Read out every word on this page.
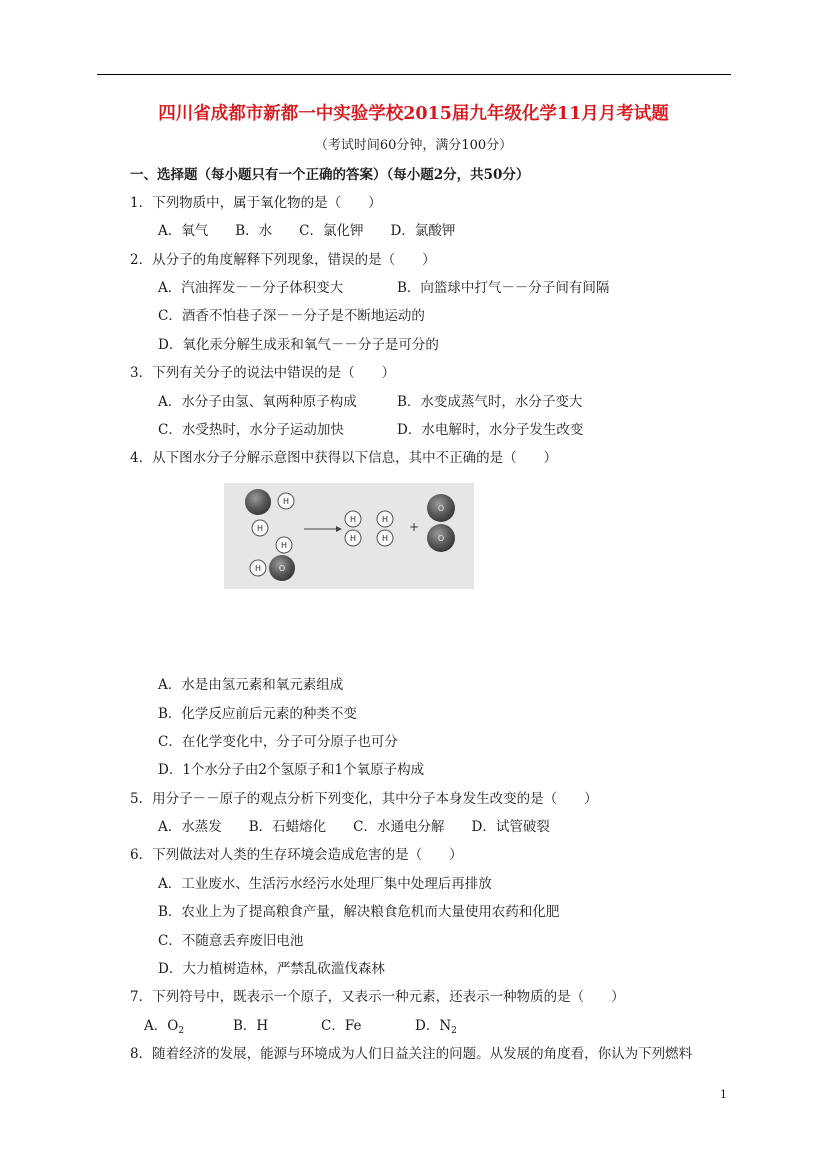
四川省成都市新都一中实验学校2015届九年级化学11月月考试题
（考试时间60分钟，满分100分）
一、选择题（每小题只有一个正确的答案）（每小题2分，共50分）
1．下列物质中，属于氧化物的是（　　）
A．氧气　　B．水　　C．氯化钾　　D．氯酸钾
2．从分子的角度解释下列现象，错误的是（　　）
A．汽油挥发－－分子体积变大	B．向篮球中打气－－分子间有间隔
C．酒香不怕巷子深－－分子是不断地运动的
D．氧化汞分解生成汞和氧气－－分子是可分的
3．下列有关分子的说法中错误的是（　　）
A．水分子由氢、氧两种原子构成	B．水变成蒸气时，水分子变大
C．水受热时，水分子运动加快	D．水电解时，水分子发生改变
4．从下图水分子分解示意图中获得以下信息，其中不正确的是（　　）
H
H
H
H O
H
H
H
H
+
O
O
A．水是由氢元素和氧元素组成
B．化学反应前后元素的种类不变
C．在化学变化中，分子可分原子也可分
D．1个水分子由2个氢原子和1个氧原子构成
5．用分子－－原子的观点分析下列变化，其中分子本身发生改变的是（　　）
A．水蒸发　　B．石蜡熔化　　C．水通电分解　　D．试管破裂
6．下列做法对人类的生存环境会造成危害的是（　　）
A．工业废水、生活污水经污水处理厂集中处理后再排放
B．农业上为了提高粮食产量，解决粮食危机而大量使用农药和化肥
C．不随意丢弃废旧电池
D．大力植树造林，严禁乱砍滥伐森林
7．下列符号中，既表示一个原子，又表示一种元素，还表示一种物质的是（　　）
A．$O_2$	B．H	C．Fe	D．$N_2$
8．随着经济的发展，能源与环境成为人们日益关注的问题。从发展的角度看，你认为下列燃料
1
